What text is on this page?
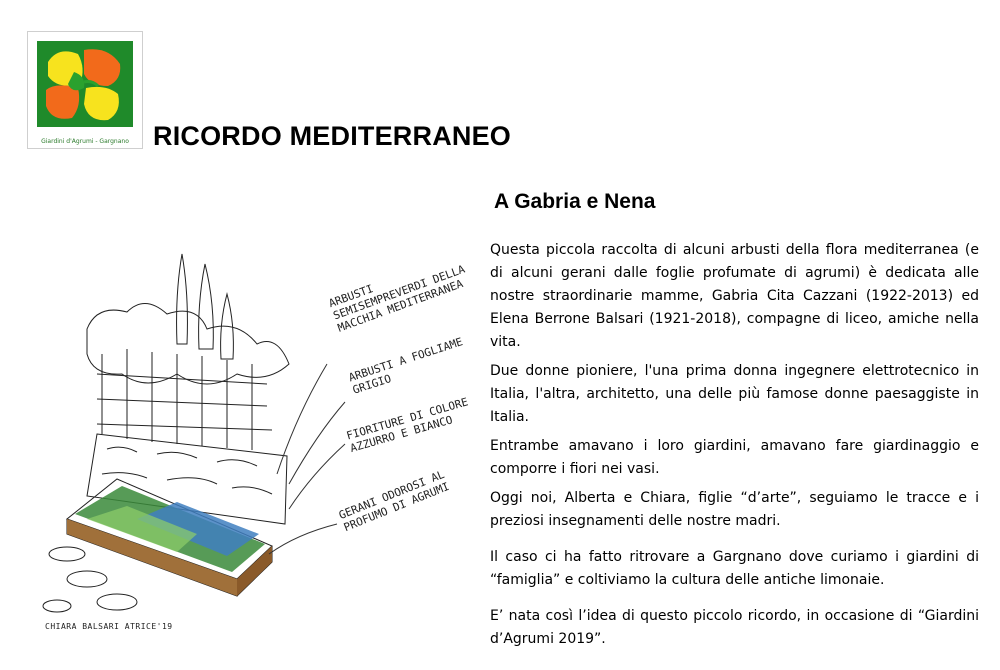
Giardini d'Agrumi - Gargnano RICORDO MEDITERRANEO
A Gabria e Nena
ARBUSTI SEMISEMPREVERDI DELLA MACCHIA MEDITERRANEA
ARBUSTI A FOGLIAME GRIGIO
FIORITURE DI COLORE AZZURRO E BIANCO
GERANI ODOROSI AL PROFUMO DI AGRUMI
CHIARA BALSARI ATRICE'19

Questa piccola raccolta di alcuni arbusti della flora mediterranea (e di alcuni gerani dalle foglie profumate di agrumi) è dedicata alle nostre straordinarie mamme, Gabria Cita Cazzani (1922-2013) ed Elena Berrone Balsari (1921-2018), compagne di liceo, amiche nella vita.

Due donne pioniere, l'una prima donna ingegnere elettrotecnico in Italia, l'altra, architetto, una delle più famose donne paesaggiste in Italia.

Entrambe amavano i loro giardini, amavano fare giardinaggio e comporre i fiori nei vasi.

Oggi noi, Alberta e Chiara, figlie “d’arte”, seguiamo le tracce e i preziosi insegnamenti delle nostre madri.

Il caso ci ha fatto ritrovare a Gargnano dove curiamo i giardini di “famiglia” e coltiviamo la cultura delle antiche limonaie.

E’ nata così l’idea di questo piccolo ricordo, in occasione di “Giardini d’Agrumi 2019”.
